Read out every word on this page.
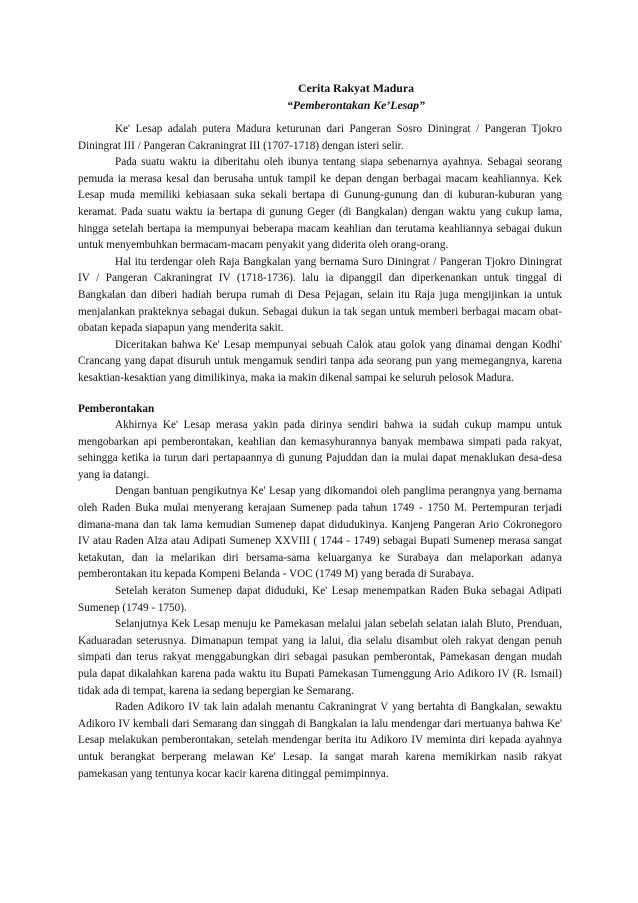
Cerita Rakyat Madura
“Pemberontakan Ke’Lesap”

Ke' Lesap adalah putera Madura keturunan dari Pangeran Sosro Diningrat / Pangeran Tjokro Diningrat III / Pangeran Cakraningrat III (1707-1718) dengan isteri selir.

Pada suatu waktu ia diberitahu oleh ibunya tentang siapa sebenarnya ayahnya. Sebagai seorang pemuda ia merasa kesal dan berusaha untuk tampil ke depan dengan berbagai macam keahliannya. Kek Lesap muda memiliki kebiasaan suka sekali bertapa di Gunung-gunung dan di kuburan-kuburan yang keramat. Pada suatu waktu ia bertapa di gunung Geger (di Bangkalan) dengan waktu yang cukup lama, hingga setelah bertapa ia mempunyai beberapa macam keahlian dan terutama keahliannya sebagai dukun untuk menyembuhkan bermacam-macam penyakit yang diderita oleh orang-orang.

Hal itu terdengar oleh Raja Bangkalan yang bernama Suro Diningrat / Pangeran Tjokro Diningrat IV / Pangeran Cakraningrat IV (1718-1736). lalu ia dipanggil dan diperkenankan untuk tinggal di Bangkalan dan diberi hadiah berupa rumah di Desa Pejagan, selain itu Raja juga mengijinkan ia untuk menjalankan prakteknya sebagai dukun. Sebagai dukun ia tak segan untuk memberi berbagai macam obat-obatan kepada siapapun yang menderita sakit.

Diceritakan bahwa Ke' Lesap mempunyai sebuah Calok atau golok yang dinamai dengan Kodhi' Crancang yang dapat disuruh untuk mengamuk sendiri tanpa ada seorang pun yang memegangnya, karena kesaktian-kesaktian yang dimilikinya, maka ia makin dikenal sampai ke seluruh pelosok Madura.

Pemberontakan

Akhirnya Ke' Lesap merasa yakin pada dirinya sendiri bahwa ia sudah cukup mampu untuk mengobarkan api pemberontakan, keahlian dan kemasyhurannya banyak membawa simpati pada rakyat, sehingga ketika ia turun dari pertapaannya di gunung Pajuddan dan ia mulai dapat menaklukan desa-desa yang ia datangi.

Dengan bantuan pengikutnya Ke' Lesap yang dikomandoi oleh panglima perangnya yang bernama oleh Raden Buka mulai menyerang kerajaan Sumenep pada tahun 1749 - 1750 M. Pertempuran terjadi dimana-mana dan tak lama kemudian Sumenep dapat didudukinya. Kanjeng Pangeran Ario Cokronegoro IV atau Raden Alza atau Adipati Sumenep XXVIII ( 1744 - 1749) sebagai Bupati Sumenep merasa sangat ketakutan, dan ia melarikan diri bersama-sama keluarganya ke Surabaya dan melaporkan adanya pemberontakan itu kepada Kompeni Belanda - VOC (1749 M) yang berada di Surabaya.

Setelah keraton Sumenep dapat diduduki, Ke' Lesap menempatkan Raden Buka sebagai Adipati Sumenep (1749 - 1750).

Selanjutnya Kek Lesap menuju ke Pamekasan melalui jalan sebelah selatan ialah Bluto, Prenduan, Kaduaradan seterusnya. Dimanapun tempat yang ia lalui, dia selalu disambut oleh rakyat dengan penuh simpati dan terus rakyat menggabungkan diri sebagai pasukan pemberontak, Pamekasan dengan mudah pula dapat dikalahkan karena pada waktu itu Bupati Pamekasan Tumenggung Ario Adikoro IV (R. Ismail) tidak ada di tempat, karena ia sedang bepergian ke Semarang.

Raden Adikoro IV tak lain adalah menantu Cakraningrat V yang bertahta di Bangkalan, sewaktu Adikoro IV kembali dari Semarang dan singgah di Bangkalan ia lalu mendengar dari mertuanya bahwa Ke' Lesap melakukan pemberontakan, setelah mendengar berita itu Adikoro IV meminta diri kepada ayahnya untuk berangkat berperang melawan Ke' Lesap. Ia sangat marah karena memikirkan nasib rakyat pamekasan yang tentunya kocar kacir karena ditinggal pemimpinnya.
